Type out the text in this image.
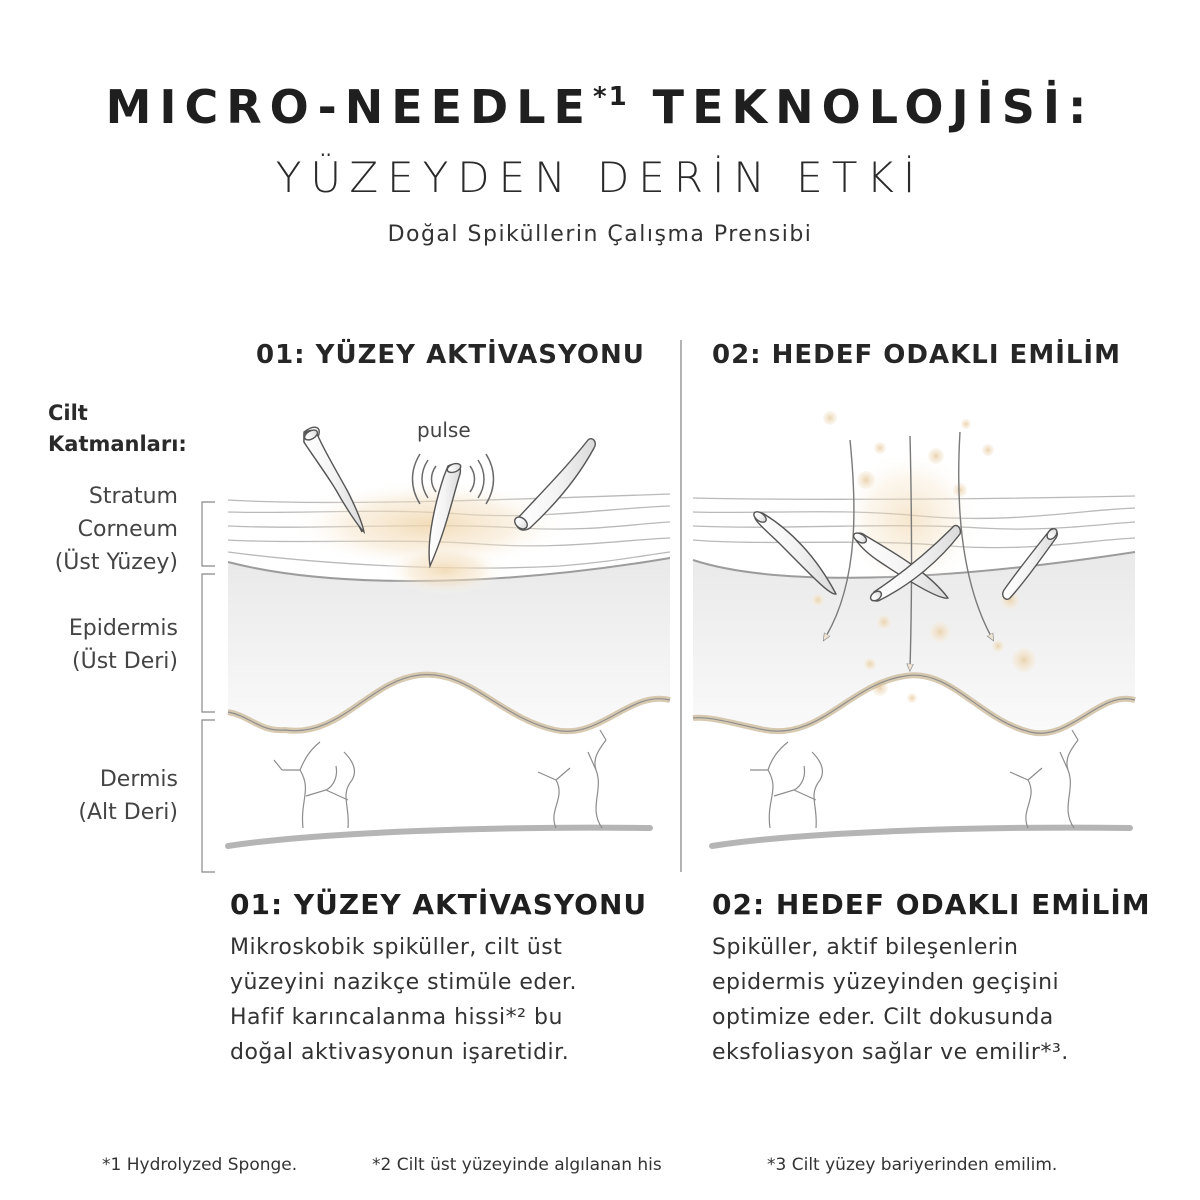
MICRO-NEEDLE$^{*1}$ TEKNOLOJİSİ:
YÜZEYDEN DERİN ETKİ
Doğal Spiküllerin Çalışma Prensibi
01: YÜZEY AKTİVASYONU	02: HEDEF ODAKLI EMİLİM
Cilt
Katmanları:
Stratum
Corneum
(Üst Yüzey)
Epidermis
(Üst Deri)
Dermis
(Alt Deri)
pulse
01: YÜZEY AKTİVASYONU
Mikroskobik spiküller, cilt üst
yüzeyini nazikçe stimüle eder.
Hafif karıncalanma hissi*² bu
doğal aktivasyonun işaretidir.
02: HEDEF ODAKLI EMİLİM
Spiküller, aktif bileşenlerin
epidermis yüzeyinden geçişini
optimize eder. Cilt dokusunda
eksfoliasyon sağlar ve emilir*³.
*1 Hydrolyzed Sponge.	*2 Cilt üst yüzeyinde algılanan his	*3 Cilt yüzey bariyerinden emilim.
